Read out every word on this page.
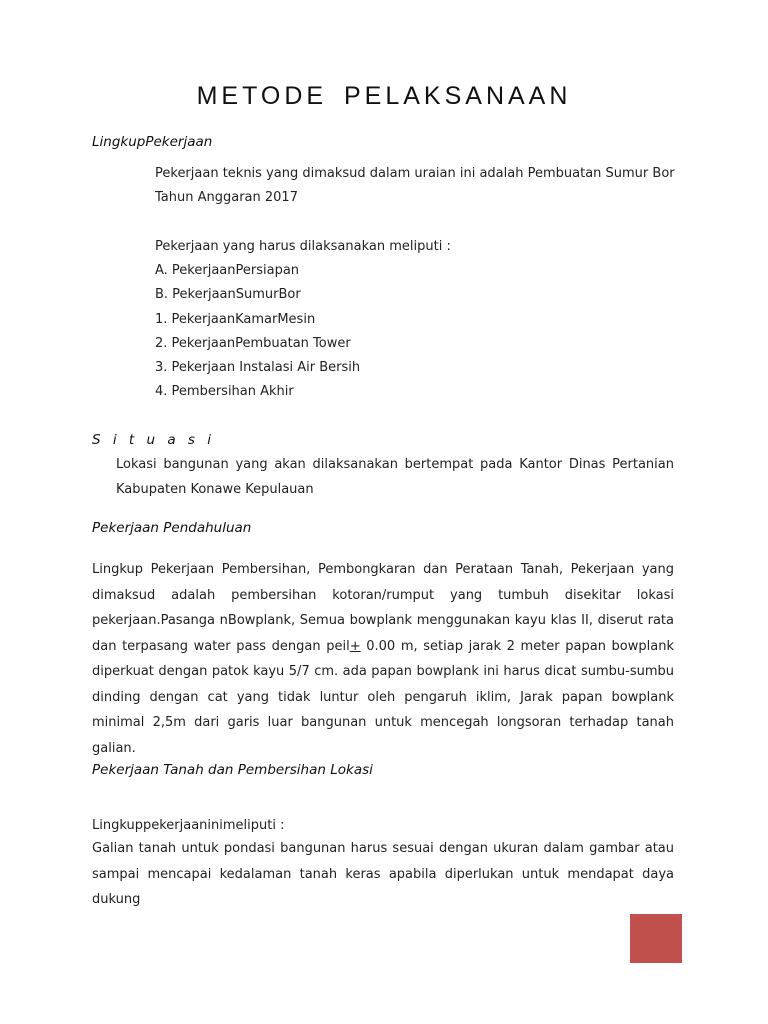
METODE PELAKSANAAN
LingkupPekerjaan
Pekerjaan teknis yang dimaksud dalam uraian ini adalah Pembuatan Sumur Bor
Tahun Anggaran 2017
Pekerjaan yang harus dilaksanakan meliputi :
A. PekerjaanPersiapan
B. PekerjaanSumurBor
1. PekerjaanKamarMesin
2. PekerjaanPembuatan Tower
3. Pekerjaan Instalasi Air Bersih
4. Pembersihan Akhir
S i t u a s i
Lokasi bangunan yang akan dilaksanakan bertempat pada Kantor Dinas Pertanian Kabupaten Konawe Kepulauan
Pekerjaan Pendahuluan
Lingkup Pekerjaan Pembersihan, Pembongkaran dan Perataan Tanah, Pekerjaan yang dimaksud adalah pembersihan kotoran/rumput yang tumbuh disekitar lokasi pekerjaan.Pasanga nBowplank, Semua bowplank menggunakan kayu klas II, diserut rata dan terpasang water pass dengan peil+ 0.00 m, setiap jarak 2 meter papan bowplank diperkuat dengan patok kayu 5/7 cm. ada papan bowplank ini harus dicat sumbu-sumbu dinding dengan cat yang tidak luntur oleh pengaruh iklim, Jarak papan bowplank minimal 2,5m dari garis luar bangunan untuk mencegah longsoran terhadap tanah galian.
Pekerjaan Tanah dan Pembersihan Lokasi
Lingkuppekerjaaninimeliputi :
Galian tanah untuk pondasi bangunan harus sesuai dengan ukuran dalam gambar atau sampai mencapai kedalaman tanah keras apabila diperlukan untuk mendapat daya dukung
